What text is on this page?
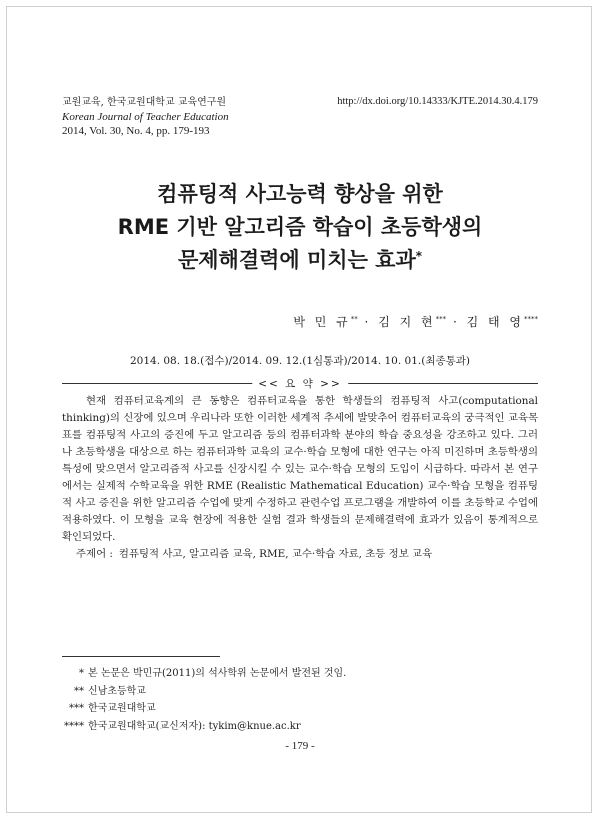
교원교육, 한국교원대학교 교육연구원
Korean Journal of Teacher Education
2014, Vol. 30, No. 4, pp. 179-193
http://dx.doi.org/10.14333/KJTE.2014.30.4.179
컴퓨팅적 사고능력 향상을 위한
RME 기반 알고리즘 학습이 초등학생의
문제해결력에 미치는 효과*
박 민 규** · 김 지 현*** · 김 태 영****
2014. 08. 18.(접수)/2014. 09. 12.(1심통과)/2014. 10. 01.(최종통과)
<< 요 약 >>
현재 컴퓨터교육계의 큰 동향은 컴퓨터교육을 통한 학생들의 컴퓨팅적 사고(computational thinking)의 신장에 있으며 우리나라 또한 이러한 세계적 추세에 발맞추어 컴퓨터교육의 궁극적인 교육목표를 컴퓨팅적 사고의 증진에 두고 알고리즘 등의 컴퓨터과학 분야의 학습 중요성을 강조하고 있다. 그러나 초등학생을 대상으로 하는 컴퓨터과학 교육의 교수·학습 모형에 대한 연구는 아직 미진하며 초등학생의 특성에 맞으면서 알고리즘적 사고를 신장시킬 수 있는 교수·학습 모형의 도입이 시급하다. 따라서 본 연구에서는 실제적 수학교육을 위한 RME (Realistic Mathematical Education) 교수·학습 모형을 컴퓨팅적 사고 증진을 위한 알고리즘 수업에 맞게 수정하고 관련수업 프로그램을 개발하여 이를 초등학교 수업에 적용하였다. 이 모형을 교육 현장에 적용한 실험 결과 학생들의 문제해결력에 효과가 있음이 통계적으로 확인되었다.
주제어 : 컴퓨팅적 사고, 알고리즘 교육, RME, 교수·학습 자료, 초등 정보 교육
* 본 논문은 박민규(2011)의 석사학위 논문에서 발전된 것임.
** 신남초등학교
*** 한국교원대학교
**** 한국교원대학교(교신저자): tykim@knue.ac.kr
- 179 -
